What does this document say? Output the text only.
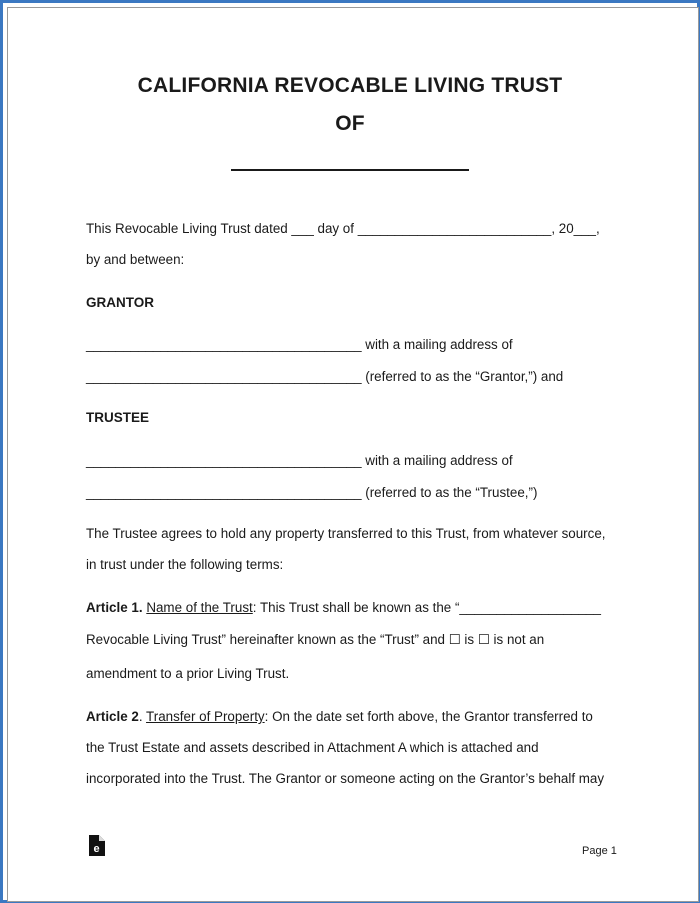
CALIFORNIA REVOCABLE LIVING TRUST
OF
This Revocable Living Trust dated ___ day of __________________________, 20___,
by and between:
GRANTOR
_____________________________________ with a mailing address of
_____________________________________ (referred to as the “Grantor,”) and
TRUSTEE
_____________________________________ with a mailing address of
_____________________________________ (referred to as the “Trustee,”)
The Trustee agrees to hold any property transferred to this Trust, from whatever source,
in trust under the following terms:
Article 1. Name of the Trust: This Trust shall be known as the “___________________
Revocable Living Trust” hereinafter known as the “Trust” and ☐ is ☐ is not an
amendment to a prior Living Trust.
Article 2. Transfer of Property: On the date set forth above, the Grantor transferred to
the Trust Estate and assets described in Attachment A which is attached and
incorporated into the Trust. The Grantor or someone acting on the Grantor’s behalf may
e	Page 1
